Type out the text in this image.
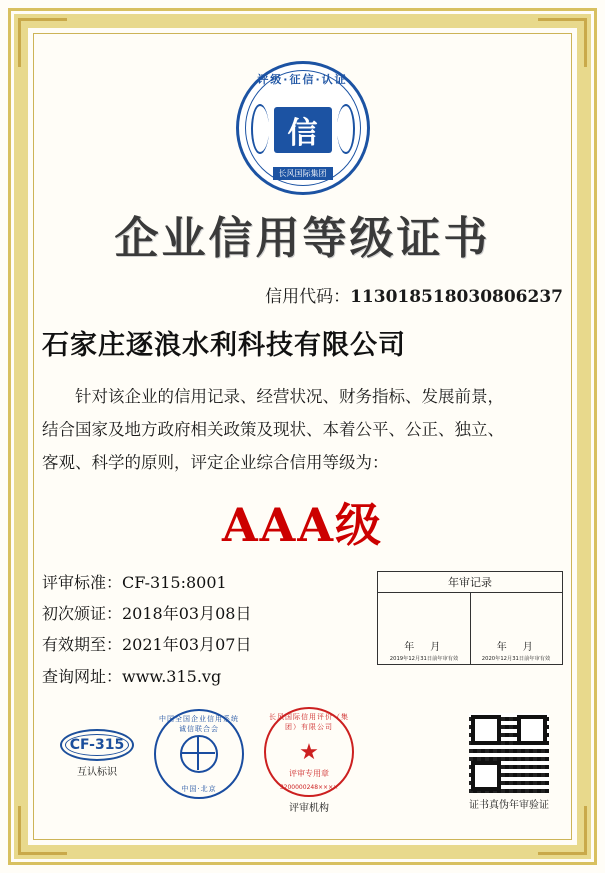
评级·征信·认证
信
长风国际集团
企业信用等级证书
信用代码：113018518030806237
石家庄逐浪水利科技有限公司
针对该企业的信用记录、经营状况、财务指标、发展前景，
结合国家及地方政府相关政策及现状、本着公平、公正、独立、
客观、科学的原则，评定企业综合信用等级为：
AAA级
评审标准：CF-315:8001
初次颁证：2018年03月08日
有效期至：2021年03月07日
查询网址：www.315.vg
年审记录
年　月
2019年12月31日前年审有效
年　月
2020年12月31日前年审有效
CF-315
互认标识
中国全国企业信用系统诚信联合会
中国·北京
长风国际信用评价（集团）有限公司
★
评审专用章
3200000248××××
评审机构	证书真伪年审验证
